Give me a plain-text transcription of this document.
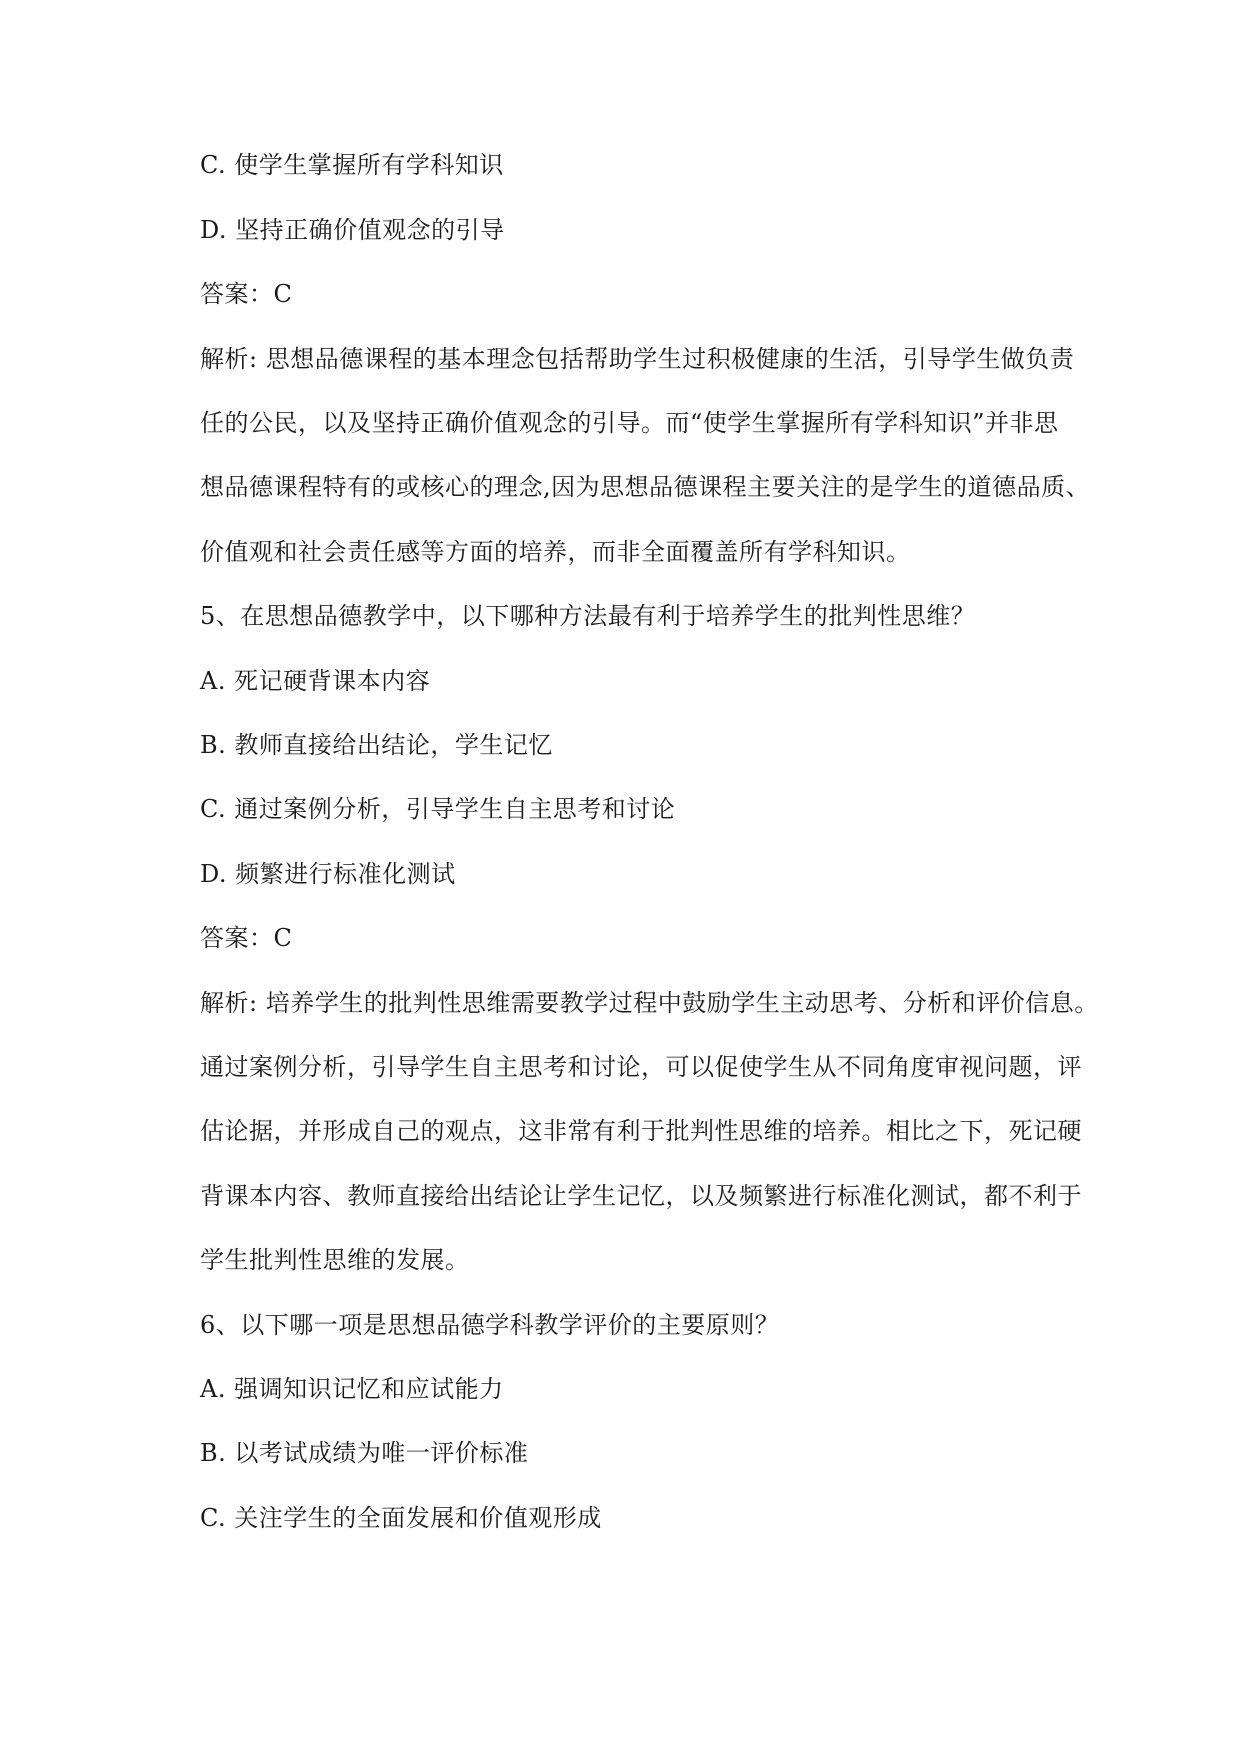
C. 使学生掌握所有学科知识
D. 坚持正确价值观念的引导
答案：C
解析: 思想品德课程的基本理念包括帮助学生过积极健康的生活，引导学生做负责
任的公民，以及坚持正确价值观念的引导。而“使学生掌握所有学科知识”并非思
想品德课程特有的或核心的理念,因为思想品德课程主要关注的是学生的道德品质、
价值观和社会责任感等方面的培养，而非全面覆盖所有学科知识。
5、在思想品德教学中，以下哪种方法最有利于培养学生的批判性思维？
A. 死记硬背课本内容
B. 教师直接给出结论，学生记忆
C. 通过案例分析，引导学生自主思考和讨论
D. 频繁进行标准化测试
答案：C
解析: 培养学生的批判性思维需要教学过程中鼓励学生主动思考、分析和评价信息。
通过案例分析，引导学生自主思考和讨论，可以促使学生从不同角度审视问题，评
估论据，并形成自己的观点，这非常有利于批判性思维的培养。相比之下，死记硬
背课本内容、教师直接给出结论让学生记忆，以及频繁进行标准化测试，都不利于
学生批判性思维的发展。
6、以下哪一项是思想品德学科教学评价的主要原则？
A. 强调知识记忆和应试能力
B. 以考试成绩为唯一评价标准
C. 关注学生的全面发展和价值观形成
